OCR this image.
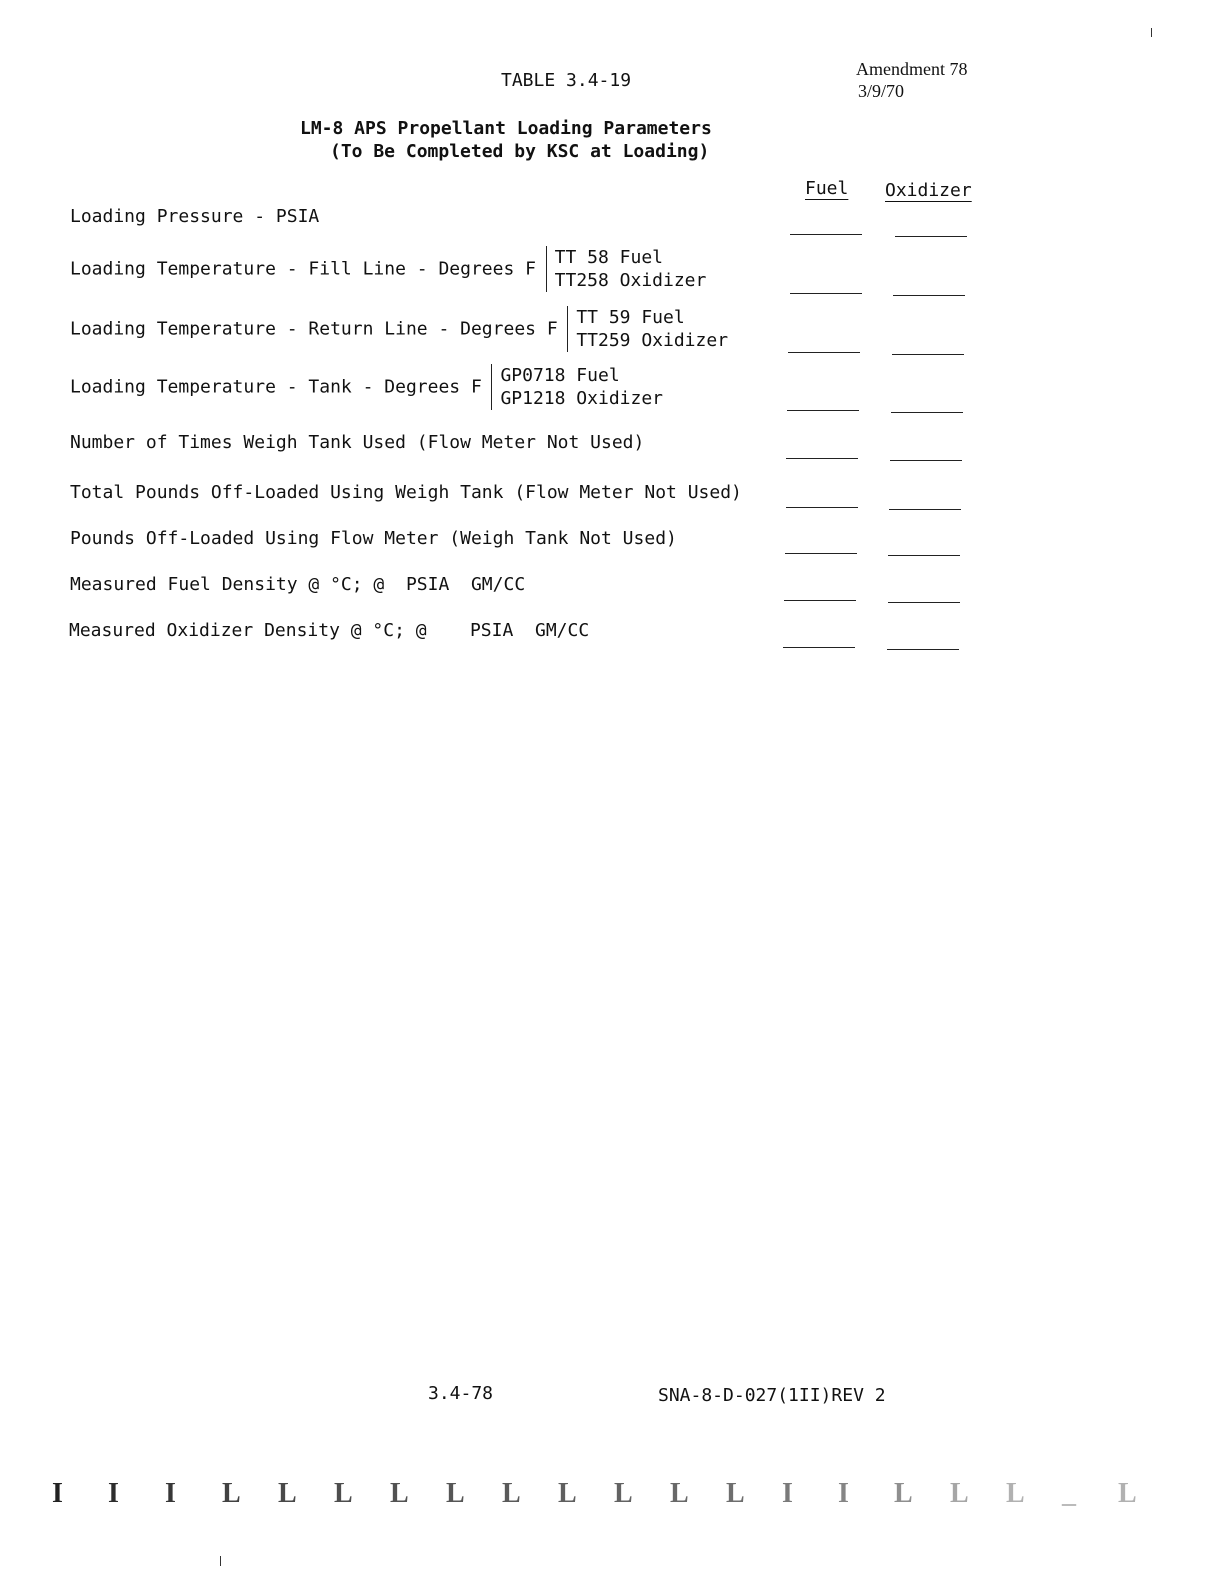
TABLE 3.4-19
Amendment 78
3/9/70
LM-8 APS Propellant Loading Parameters
(To Be Completed by KSC at Loading)
Fuel Oxidizer
Loading Pressure - PSIA
Loading Temperature - Fill Line - Degrees F
TT 58 Fuel
TT258 Oxidizer
Loading Temperature - Return Line - Degrees F
TT 59 Fuel
TT259 Oxidizer
Loading Temperature - Tank - Degrees F
GP0718 Fuel
GP1218 Oxidizer
Number of Times Weigh Tank Used (Flow Meter Not Used)
Total Pounds Off-Loaded Using Weigh Tank (Flow Meter Not Used)
Pounds Off-Loaded Using Flow Meter (Weigh Tank Not Used)
Measured Fuel Density @ °C; @  PSIA  GM/CC
Measured Oxidizer Density @ °C; @    PSIA  GM/CC
3.4-78	SNA-8-D-027(1II)REV 2
I I I L L L L L L L L L L I I L L L _ L
